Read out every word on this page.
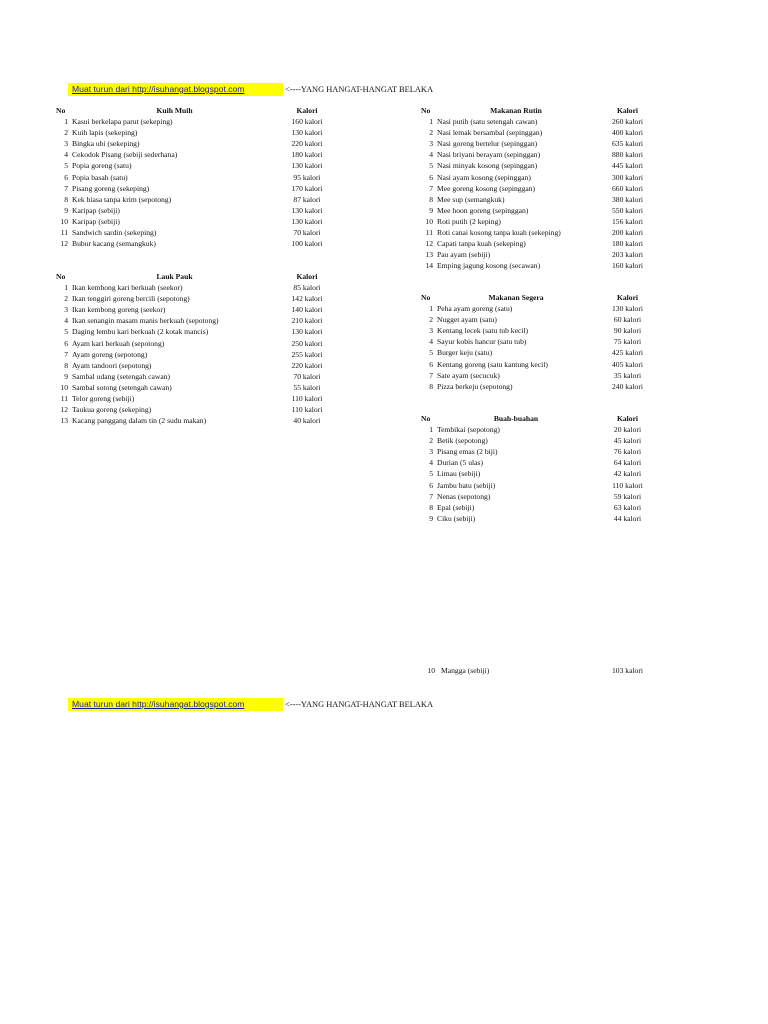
Muat turun dari http://isuhangat.blogspot.com	<----YANG HANGAT-HANGAT BELAKA
No	Kuih Muih	Kalori
1	Kasui berkelapa parut (sekeping)	160 kalori
2	Kuih lapis (sekeping)	130 kalori
3	Bingka ubi (sekeping)	220 kalori
4	Cekodok Pisang (sebiji sederhana)	180 kalori
5	Popia goreng (satu)	130 kalori
6	Popia basah (satu)	95 kalori
7	Pisang goreng (sekeping)	170 kalori
8	Kek biasa tanpa krim (sepotong)	87 kalori
9	Karipap (sebiji)	130 kalori
10	Karipap (sebiji)	130 kalori
11	Sandwich sardin (sekeping)	70 kalori
12	Bubur kacang (semangkuk)	100 kalori
No	Lauk Pauk	Kalori
1	Ikan kembong kari berkuah (seekor)	85 kalori
2	Ikan tenggiri goreng bercili (sepotong)	142 kalori
3	Ikan kembong goreng (seekor)	140 kalori
4	Ikan senangin masam manis berkuah (sepotong)	210 kalori
5	Daging lembu kari berkuah (2 kotak mancis)	130 kalori
6	Ayam kari berkuah (sepotong)	250 kalori
7	Ayam goreng (sepotong)	255 kalori
8	Ayam tandoori (sepotong)	220 kalori
9	Sambal udang (setengah cawan)	70 kalori
10	Sambal sotong (setengah cawan)	55 kalori
11	Telor goreng (sebiji)	110 kalori
12	Taukua goreng (sekeping)	110 kalori
13	Kacang panggang dalam tin (2 sudu makan)	40 kalori
No	Makanan Rutin	Kalori
1	Nasi putih (satu setengah cawan)	260 kalori
2	Nasi lemak bersambal (sepinggan)	400 kalori
3	Nasi goreng bertelur (sepinggan)	635 kalori
4	Nasi briyani berayam (sepinggan)	880 kalori
5	Nasi minyak kosong (sepinggan)	445 kalori
6	Nasi ayam kosong (sepinggan)	300 kalori
7	Mee goreng kosong (sepinggan)	660 kalori
8	Mee sup (semangkuk)	380 kalori
9	Mee hoon goreng (sepinggan)	550 kalori
10	Roti putih (2 keping)	156 kalori
11	Roti canai kosong tanpa kuah (sekeping)	200 kalori
12	Capati tanpa kuah (sekeping)	180 kalori
13	Pau ayam (sebiji)	203 kalori
14	Emping jagung kosong (secawan)	160 kalori
No	Makanan Segera	Kalori
1	Peha ayam goreng (satu)	130 kalori
2	Nugget ayam (satu)	60 kalori
3	Kentang lecek (satu tub kecil)	90 kalori
4	Sayur kobis hancur (satu tub)	75 kalori
5	Burger keju (satu)	425 kalori
6	Kentang goreng (satu kantung kecil)	405 kalori
7	Sate ayam (secucuk)	35 kalori
8	Pizza berkeju (sepotong)	240 kalori
No	Buah-buahan	Kalori
1	Tembikai (sepotong)	20 kalori
2	Betik (sepotong)	45 kalori
3	Pisang emas (2 biji)	76 kalori
4	Durian (5 ulas)	64 kalori
5	Limau (sebiji)	42 kalori
6	Jambu batu (sebiji)	110 kalori
7	Nenas (sepotong)	59 kalori
8	Epal (sebiji)	63 kalori
9	Ciku (sebiji)	44 kalori
10 Mangga (sebiji)	103 kalori
Muat turun dari http://isuhangat.blogspot.com	<----YANG HANGAT-HANGAT BELAKA
